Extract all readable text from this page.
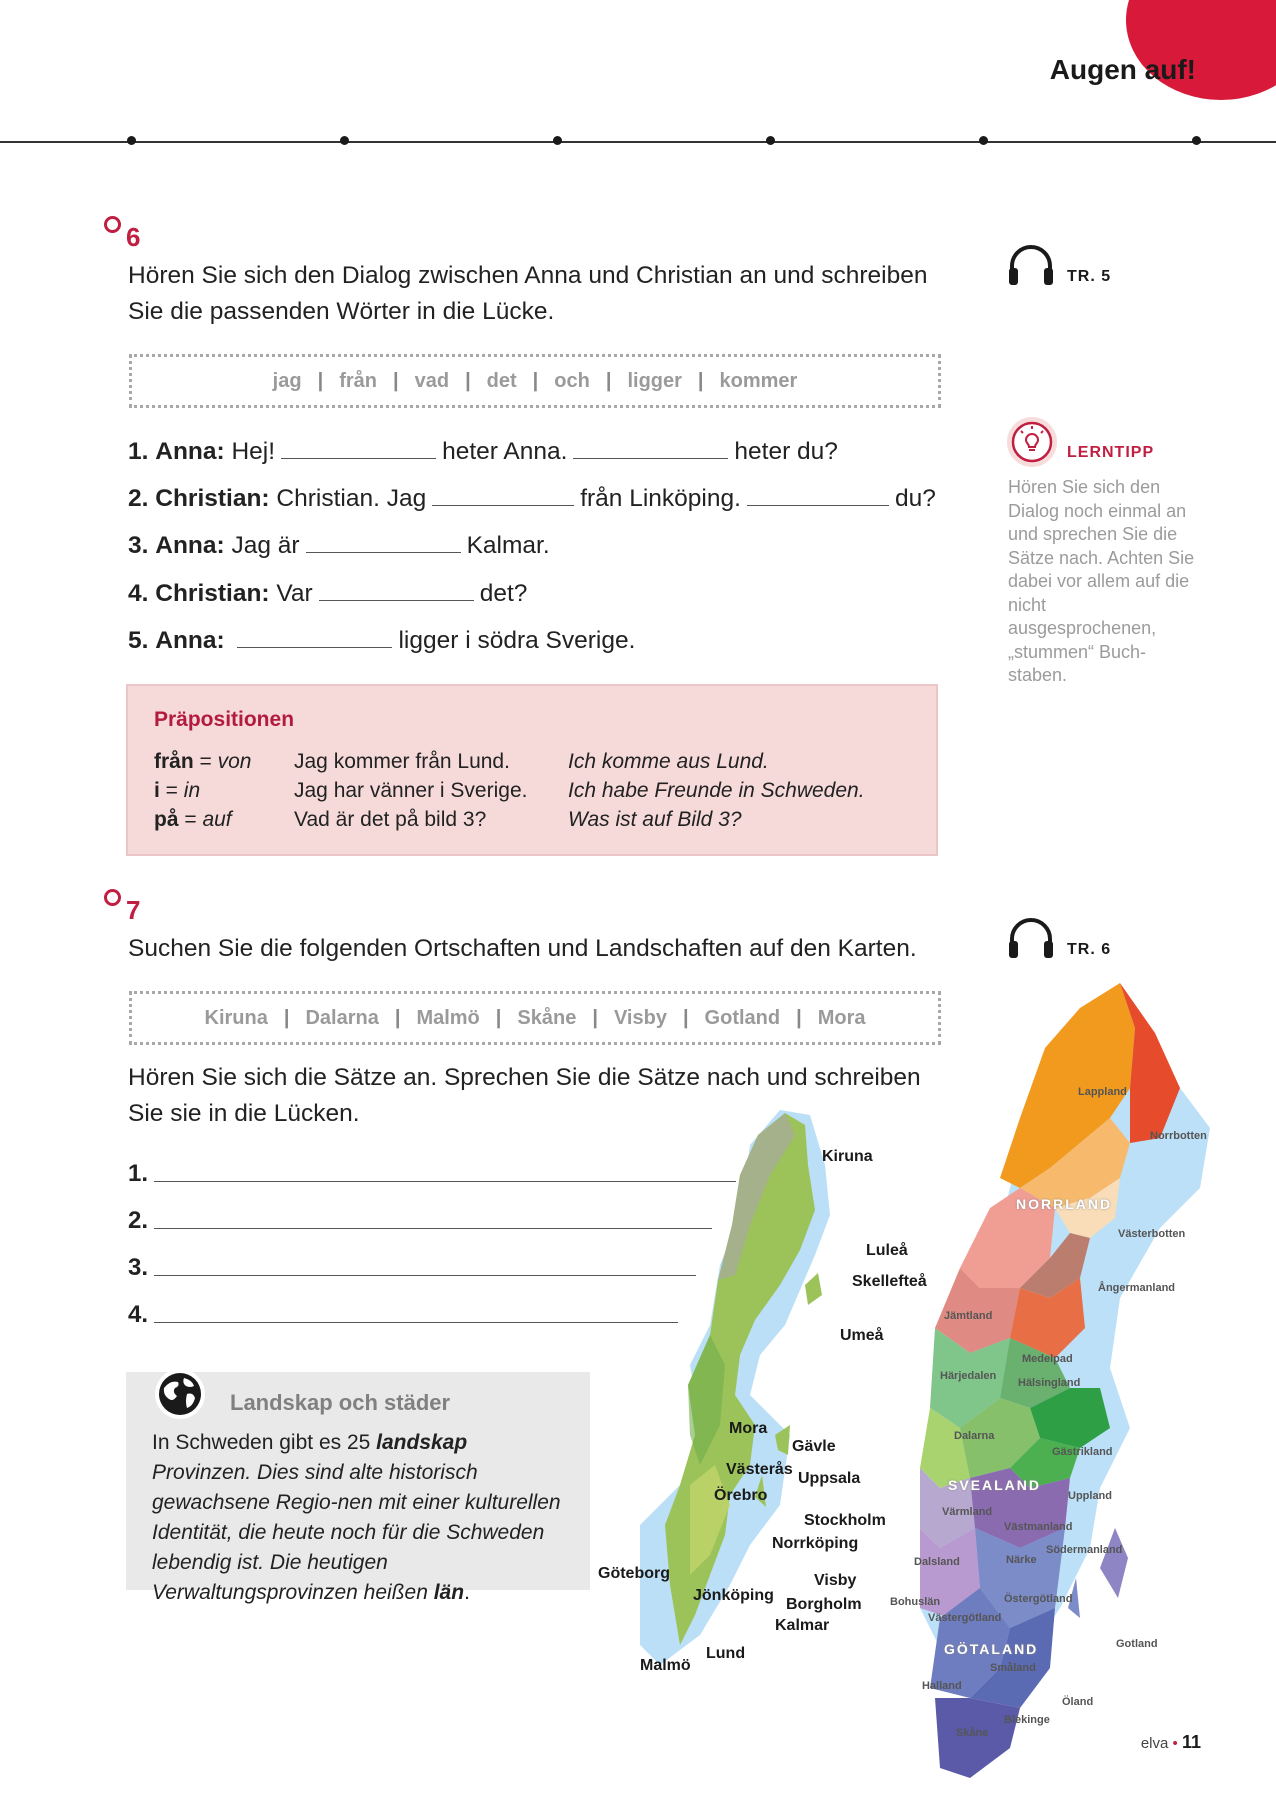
Augen auf!
6
Hören Sie sich den Dialog zwischen Anna und Christian an und schreiben Sie die passenden Wörter in die Lücke.
TR. 5
jag | från | vad | det | och | ligger | kommer
1. Anna: Hej!	heter Anna.	heter du?
2. Christian: Christian. Jag	från Linköping.	du?
3. Anna: Jag är	Kalmar.
4. Christian: Var	det?
5. Anna:	ligger i södra Sverige.
Präpositionen
från = von	Jag kommer från Lund.	Ich komme aus Lund.
i = in	Jag har vänner i Sverige.	Ich habe Freunde in Schweden.
på = auf	Vad är det på bild 3?	Was ist auf Bild 3?
LERNTIPP
Hören Sie sich den Dialog noch einmal an und sprechen Sie die Sätze nach. Achten Sie dabei vor allem auf die nicht ausgesprochenen, „stummen“ Buch-staben.
7
Suchen Sie die folgenden Ortschaften und Landschaften auf den Karten.	TR. 6
Kiruna | Dalarna | Malmö | Skåne | Visby | Gotland | Mora
Hören Sie sich die Sätze an. Sprechen Sie die Sätze nach und schreiben Sie sie in die Lücken.
1.
2.
3.
4.
Landskap och städer
In Schweden gibt es 25 landskap Provinzen. Dies sind alte historisch gewachsene Regio-nen mit einer kulturellen Identität, die heute noch für die Schweden lebendig ist. Die heutigen Verwaltungsprovinzen heißen län.
Kiruna
Luleå
Skellefteå
Umeå
Mora
Gävle
Västerås
Uppsala
Örebro
Stockholm
Norrköping
Göteborg	Visby
Jönköping
Borgholm
Kalmar
Lund
Malmö
Lappland
Norrbotten
NORRLAND
Västerbotten
Ångermanland
Jämtland
Medelpad
Härjedalen
Hälsingland
Dalarna
Gästrikland
SVEALAND
Uppland
Värmland
Västmanland
Södermanland
Närke
Dalsland
Östergötland
Bohuslän
Västergötland
GÖTALAND	Gotland
Småland
Halland
Öland
Blekinge
Skåne
elva • 11
